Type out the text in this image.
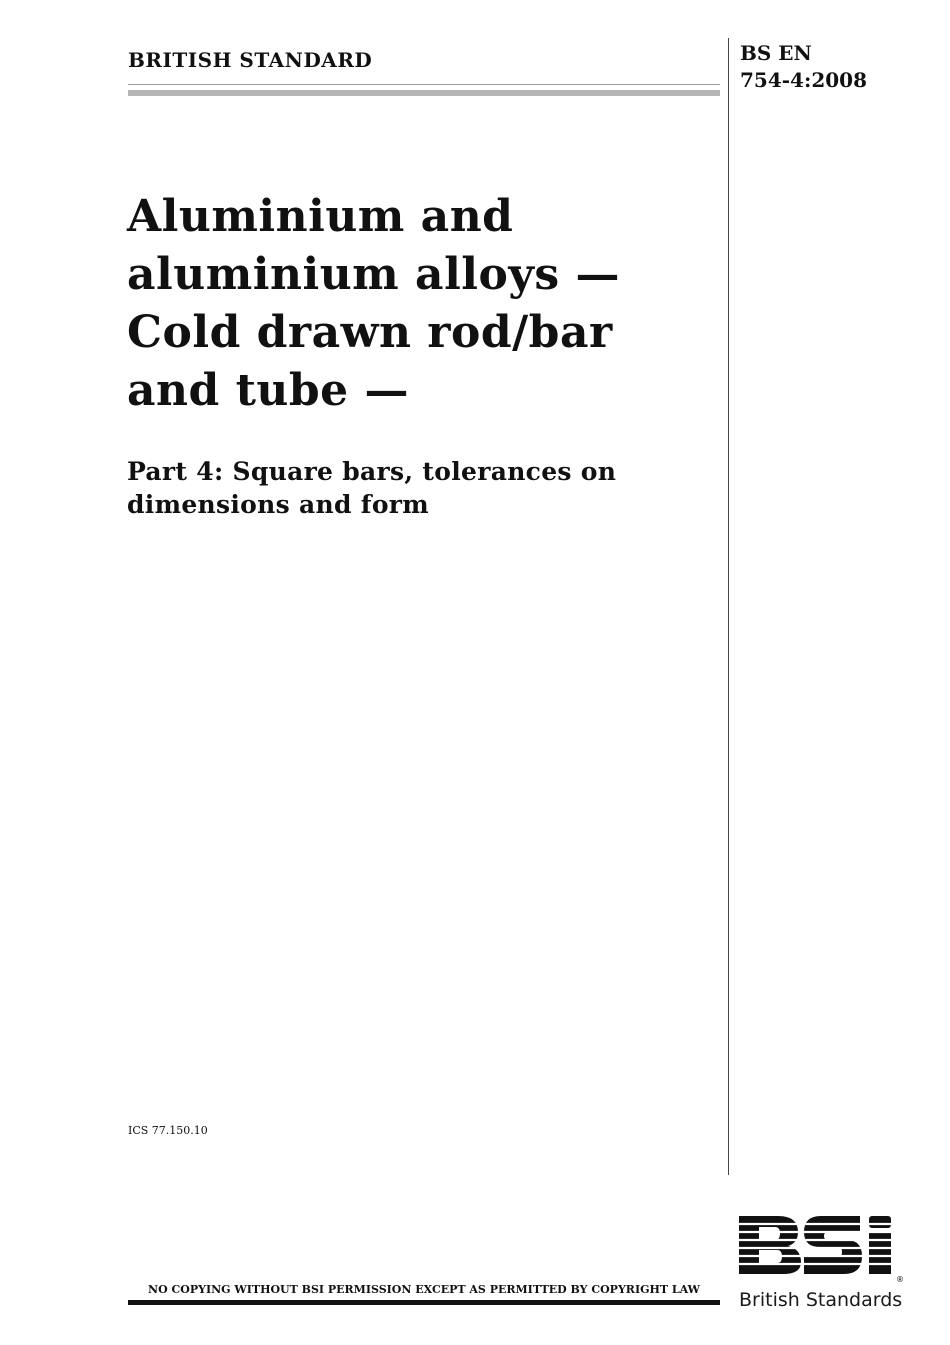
BRITISH STANDARD	BS EN
754-4:2008
Aluminium and
aluminium alloys —
Cold drawn rod/bar
and tube —
Part 4: Square bars, tolerances on
dimensions and form
ICS 77.150.10
NO COPYING WITHOUT BSI PERMISSION EXCEPT AS PERMITTED BY COPYRIGHT LAW
®
British Standards
